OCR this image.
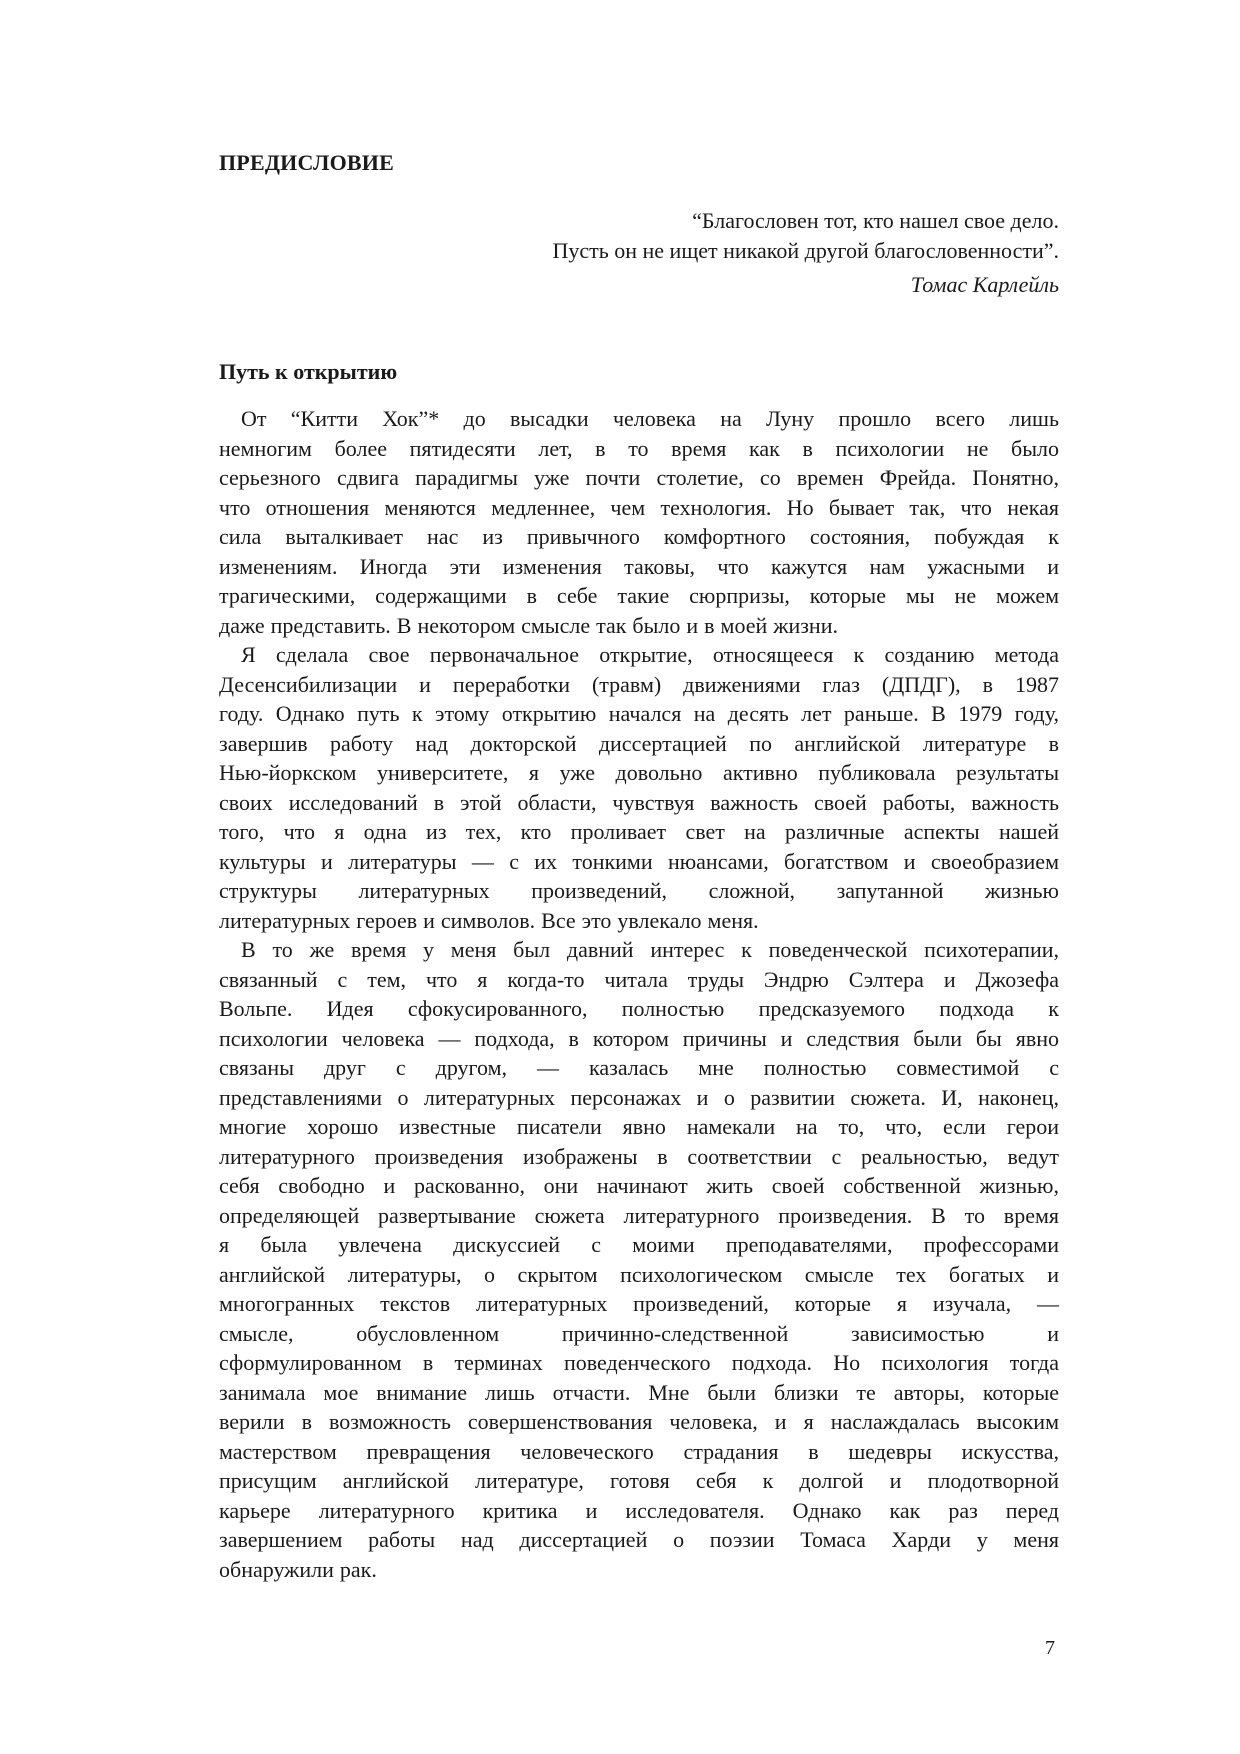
ПРЕДИСЛОВИЕ
“Благословен тот, кто нашел свое дело.
Пусть он не ищет никакой другой благословенности”.
Томас Карлейль
Путь к открытию

От “Китти Хок”* до высадки человека на Луну прошло всего лишь
немногим более пятидесяти лет, в то время как в психологии не было
серьезного сдвига парадигмы уже почти столетие, со времен Фрейда. Понятно,
что отношения меняются медленнее, чем технология. Но бывает так, что некая
сила выталкивает нас из привычного комфортного состояния, побуждая к
изменениям. Иногда эти изменения таковы, что кажутся нам ужасными и
трагическими, содержащими в себе такие сюрпризы, которые мы не можем
даже представить. В некотором смысле так было и в моей жизни.

Я сделала свое первоначальное открытие, относящееся к созданию метода
Десенсибилизации и переработки (травм) движениями глаз (ДПДГ), в 1987
году. Однако путь к этому открытию начался на десять лет раньше. В 1979 году,
завершив работу над докторской диссертацией по английской литературе в
Нью-йоркском университете, я уже довольно активно публиковала результаты
своих исследований в этой области, чувствуя важность своей работы, важность
того, что я одна из тех, кто проливает свет на различные аспекты нашей
культуры и литературы — с их тонкими нюансами, богатством и своеобразием
структуры литературных произведений, сложной, запутанной жизнью
литературных героев и символов. Все это увлекало меня.

В то же время у меня был давний интерес к поведенческой психотерапии,
связанный с тем, что я когда-то читала труды Эндрю Сэлтера и Джозефа
Вольпе. Идея сфокусированного, полностью предсказуемого подхода к
психологии человека — подхода, в котором причины и следствия были бы явно
связаны друг с другом, — казалась мне полностью совместимой с
представлениями о литературных персонажах и о развитии сюжета. И, наконец,
многие хорошо известные писатели явно намекали на то, что, если герои
литературного произведения изображены в соответствии с реальностью, ведут
себя свободно и раскованно, они начинают жить своей собственной жизнью,
определяющей развертывание сюжета литературного произведения. В то время
я была увлечена дискуссией с моими преподавателями, профессорами
английской литературы, о скрытом психологическом смысле тех богатых и
многогранных текстов литературных произведений, которые я изучала, —
смысле, обусловленном причинно-следственной зависимостью и
сформулированном в терминах поведенческого подхода. Но психология тогда
занимала мое внимание лишь отчасти. Мне были близки те авторы, которые
верили в возможность совершенствования человека, и я наслаждалась высоким
мастерством превращения человеческого страдания в шедевры искусства,
присущим английской литературе, готовя себя к долгой и плодотворной
карьере литературного критика и исследователя. Однако как раз перед
завершением работы над диссертацией о поэзии Томаса Харди у меня
обнаружили рак.

7
